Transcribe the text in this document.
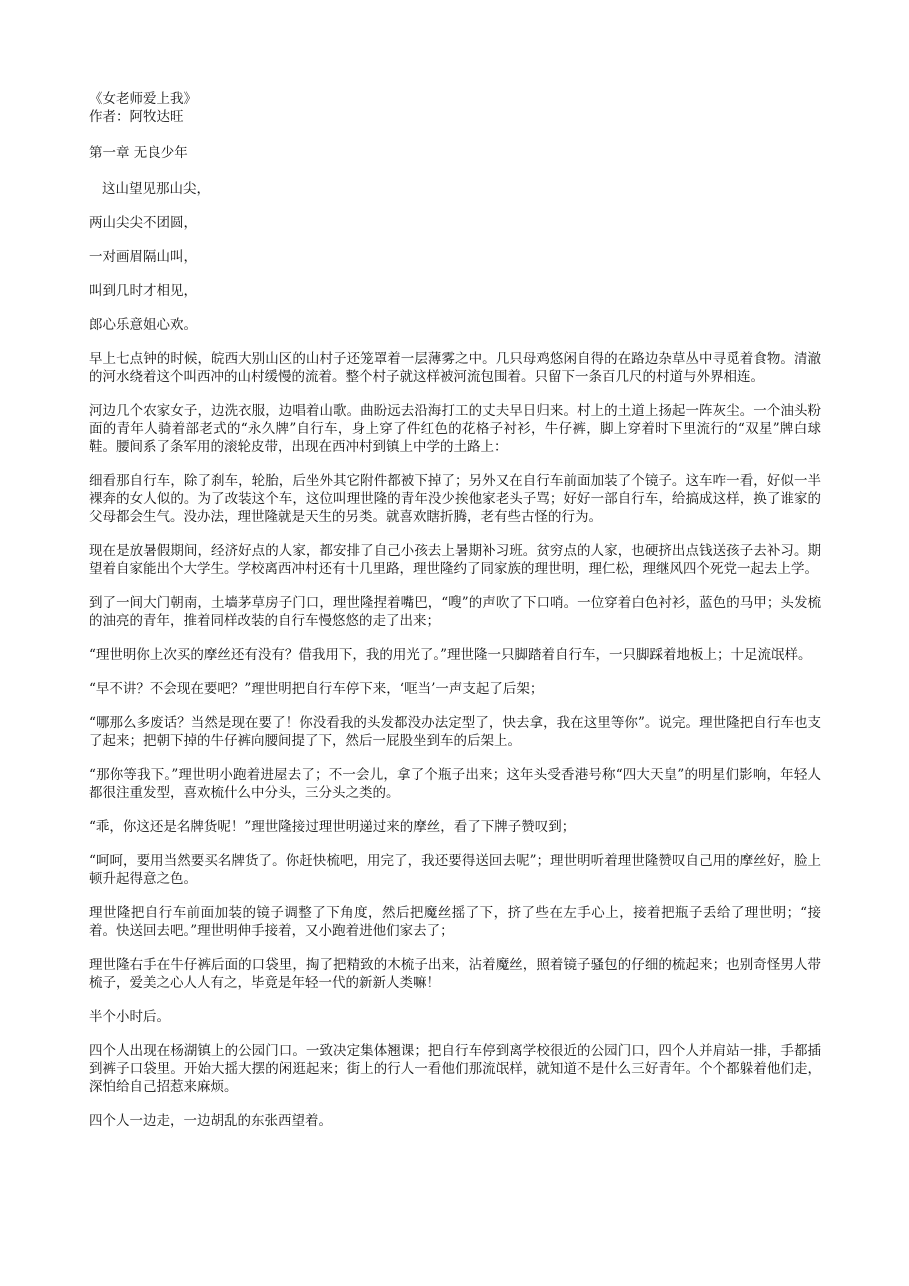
《女老师爱上我》

作者：阿牧达旺

第一章 无良少年

这山望见那山尖，

两山尖尖不团圆，

一对画眉隔山叫，

叫到几时才相见，

郎心乐意姐心欢。

早上七点钟的时候，皖西大别山区的山村子还笼罩着一层薄雾之中。几只母鸡悠闲自得的在路边杂草丛中寻觅着食物。清澈的河水绕着这个叫西冲的山村缓慢的流着。整个村子就这样被河流包围着。只留下一条百几尺的村道与外界相连。

河边几个农家女子，边洗衣服，边唱着山歌。曲盼远去沿海打工的丈夫早日归来。村上的土道上扬起一阵灰尘。一个油头粉面的青年人骑着部老式的“永久牌”自行车，身上穿了件红色的花格子衬衫，牛仔裤，脚上穿着时下里流行的“双星”牌白球鞋。腰间系了条军用的滚轮皮带，出现在西冲村到镇上中学的土路上：

细看那自行车，除了刹车，轮胎，后坐外其它附件都被下掉了；另外又在自行车前面加装了个镜子。这车咋一看，好似一半裸奔的女人似的。为了改装这个车，这位叫理世隆的青年没少挨他家老头子骂；好好一部自行车，给搞成这样，换了谁家的父母都会生气。没办法，理世隆就是天生的另类。就喜欢瞎折腾，老有些古怪的行为。

现在是放暑假期间，经济好点的人家，都安排了自己小孩去上暑期补习班。贫穷点的人家，也硬挤出点钱送孩子去补习。期望着自家能出个大学生。学校离西冲村还有十几里路，理世隆约了同家族的理世明，理仁松，理继风四个死党一起去上学。

到了一间大门朝南，土墙茅草房子门口，理世隆捏着嘴巴，“嗖”的声吹了下口哨。一位穿着白色衬衫，蓝色的马甲；头发梳的油亮的青年，推着同样改装的自行车慢悠悠的走了出来；

“理世明你上次买的摩丝还有没有？借我用下，我的用光了。”理世隆一只脚踏着自行车，一只脚踩着地板上；十足流氓样。

“早不讲？不会现在要吧？”理世明把自行车停下来，‘哐当’一声支起了后架；

“哪那么多废话？当然是现在要了！你没看我的头发都没办法定型了，快去拿，我在这里等你”。说完。理世隆把自行车也支了起来；把朝下掉的牛仔裤向腰间提了下，然后一屁股坐到车的后架上。

“那你等我下。”理世明小跑着进屋去了；不一会儿，拿了个瓶子出来；这年头受香港号称“四大天皇”的明星们影响，年轻人都很注重发型，喜欢梳什么中分头，三分头之类的。

“乖，你这还是名牌货呢！”理世隆接过理世明递过来的摩丝，看了下牌子赞叹到；

“呵呵，要用当然要买名牌货了。你赶快梳吧，用完了，我还要得送回去呢”；理世明听着理世隆赞叹自己用的摩丝好，脸上顿升起得意之色。

理世隆把自行车前面加装的镜子调整了下角度，然后把魔丝摇了下，挤了些在左手心上，接着把瓶子丢给了理世明；“接着。快送回去吧。”理世明伸手接着，又小跑着进他们家去了；

理世隆右手在牛仔裤后面的口袋里，掏了把精致的木梳子出来，沾着魔丝，照着镜子骚包的仔细的梳起来；也别奇怪男人带梳子，爱美之心人人有之，毕竟是年轻一代的新新人类嘛！

半个小时后。

四个人出现在杨湖镇上的公园门口。一致决定集体翘课；把自行车停到离学校很近的公园门口，四个人并肩站一排，手都插到裤子口袋里。开始大摇大摆的闲逛起来；街上的行人一看他们那流氓样，就知道不是什么三好青年。个个都躲着他们走，深怕给自己招惹来麻烦。

四个人一边走，一边胡乱的东张西望着。
